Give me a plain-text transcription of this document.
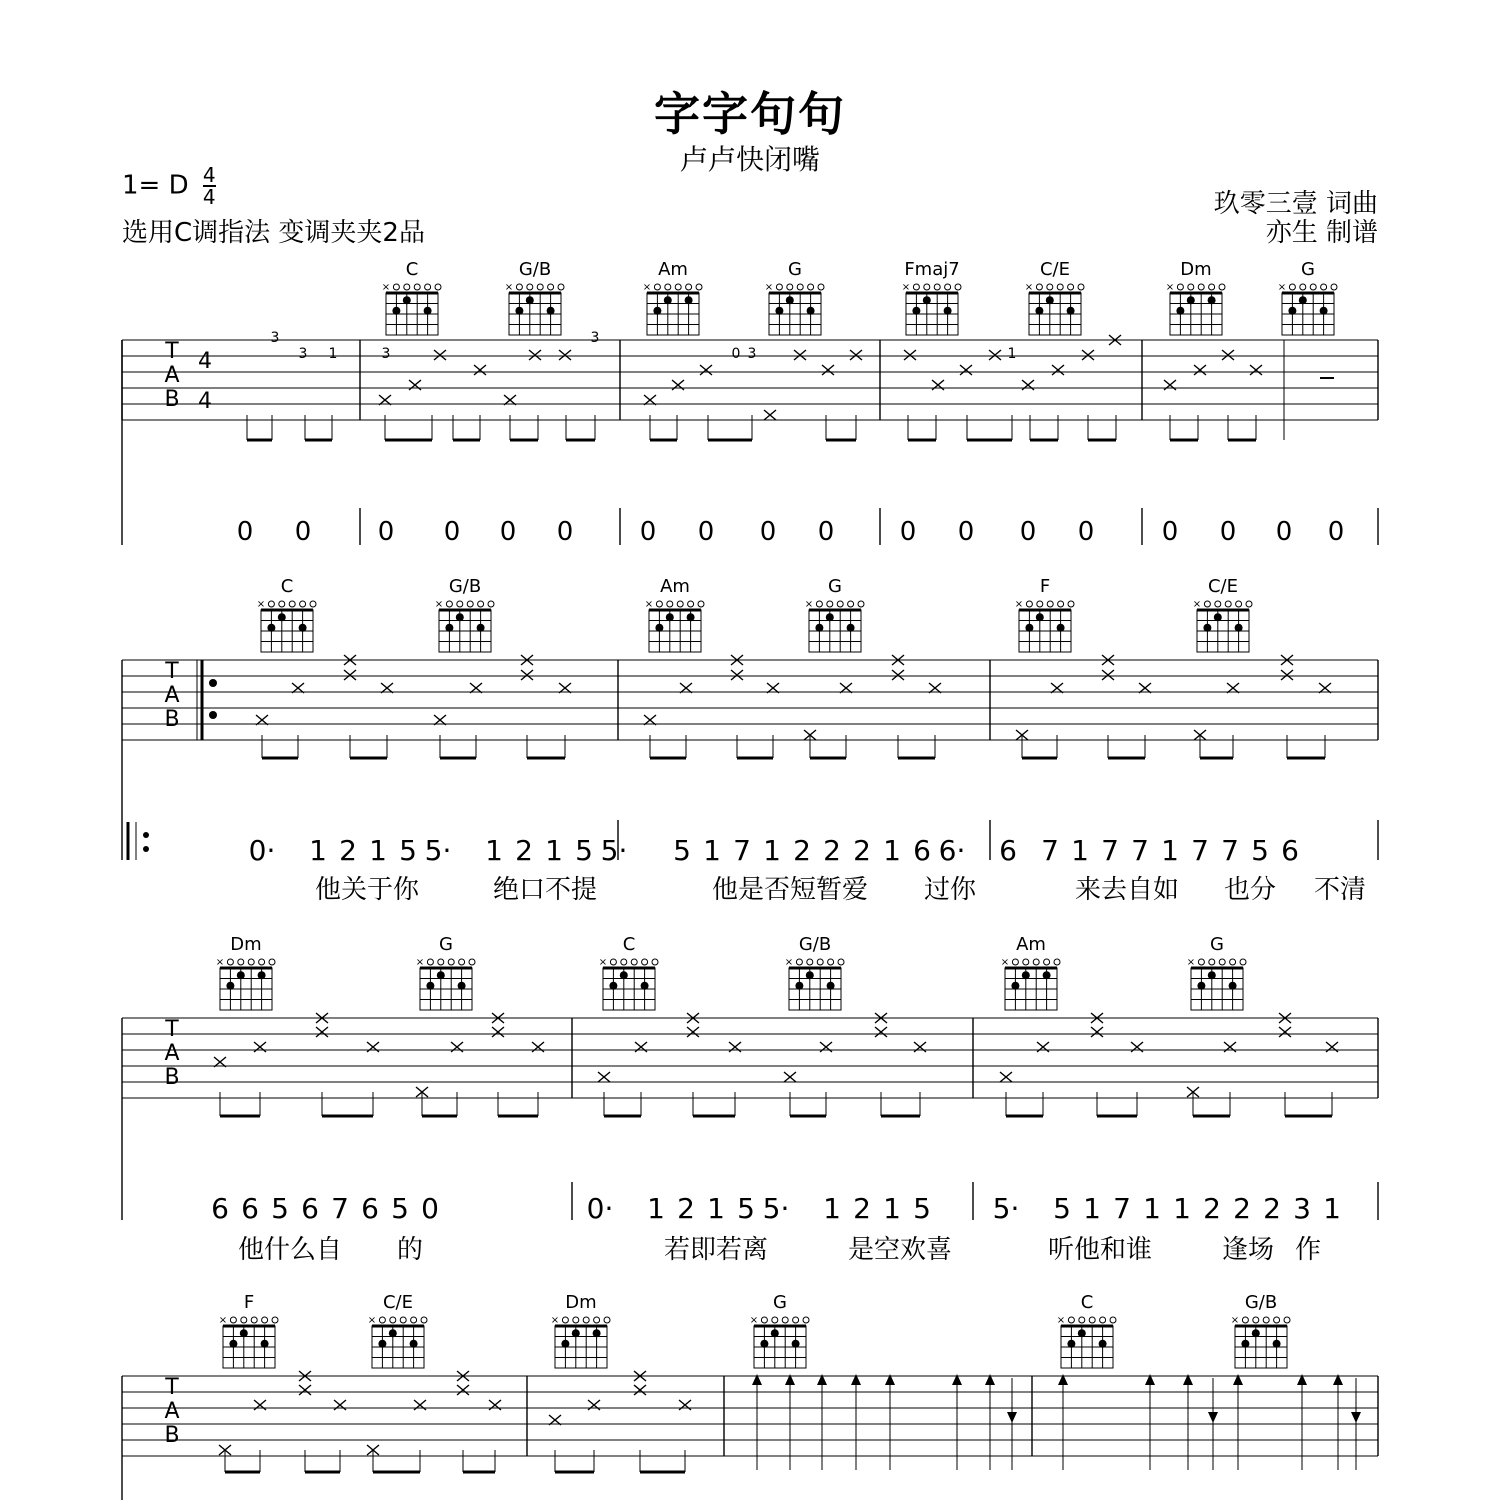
字字句句
卢卢快闭嘴
1= D $\frac{4}{4}$
选用C调指法 变调夹夹2品
玖零三壹 词曲
亦生 制谱
C
×
G/B
×
Am
×
G
×
Fmaj7
×
C/E
×
Dm
×
G
×
T
A
B
4
4
3
3 1	3
3
1
0 3
0 0	0 0 0 0	0 0 0 0	0 0 0 0	0 0 0 0
C
×
G/B
×
Am
×
G
×
F
×
C/E
×
T
A
B
0· 1 2 1 5 5· 1 2 1 5 5· 5 1 7 1 2 2 2 1 6 6· 6 7 1 7 7 1 7 7 5 6
他关于你	绝口不提	他是否短暂爱 过你	来去自如 也分 不清
Dm
×
G
×
C
×
G/B
×
Am
×
G
×
T
A
B
6 6 5 6 7 6 5 0	0· 1 2 1 5 5· 1 2 1 5 5· 5 1 7 1 1 2 2 2 3 1
他什么自 的	若即若离	是空欢喜	听他和谁	逢场 作
F
×
C/E
×
Dm
×
G
×
C
×
G/B
×
T
A
B
